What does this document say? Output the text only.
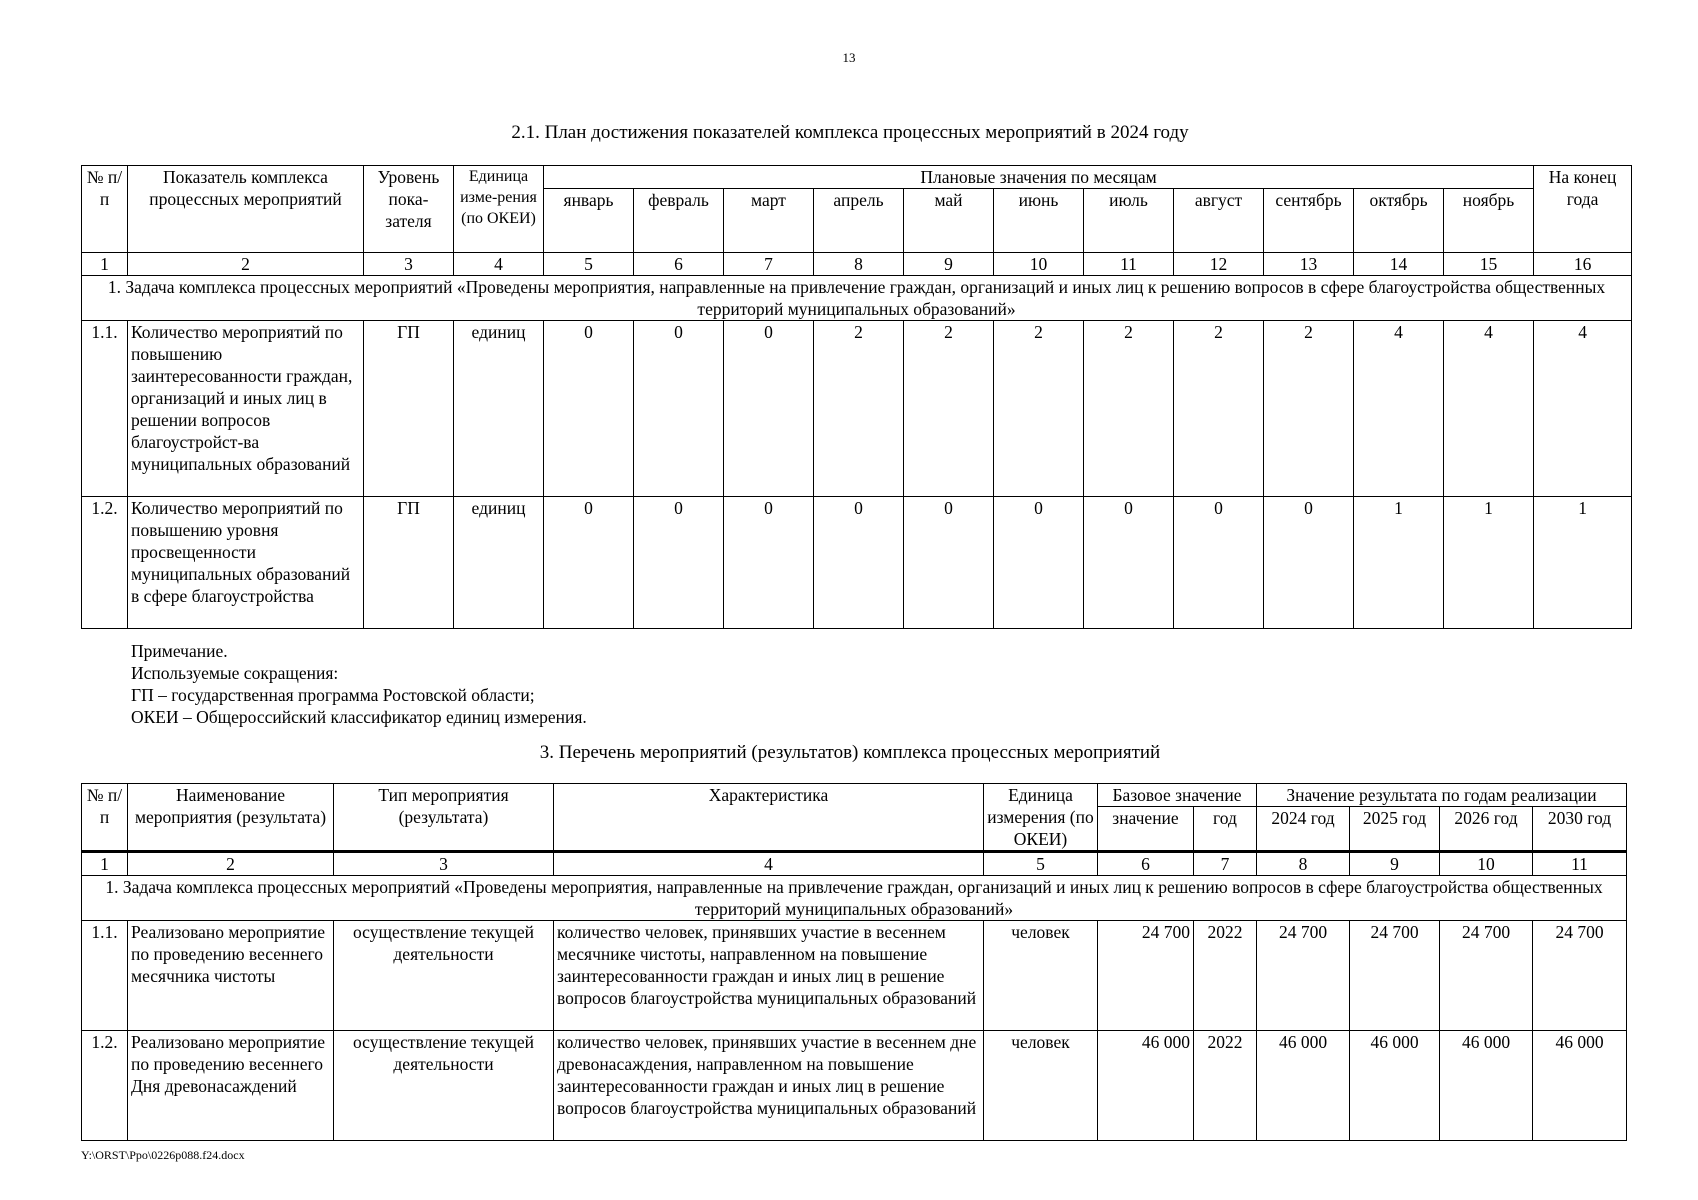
13
2.1. План достижения показателей комплекса процессных мероприятий в 2024 году
№ п/п	Показатель комплекса процессных мероприятий	Уровень пока-зателя	Единица изме-рения (по ОКЕИ)	Плановые значения по месяцам											На конец года
				январь	февраль	март	апрель	май	июнь	июль	август	сентябрь	октябрь	ноябрь	
1	2	3	4	5	6	7	8	9	10	11	12	13	14	15	16
1. Задача комплекса процессных мероприятий «Проведены мероприятия, направленные на привлечение граждан, организаций и иных лиц к решению вопросов в сфере благоустройства общественных территорий муниципальных образований»															
1.1.	Количество мероприятий по повышению заинтересованности граждан, организаций и иных лиц в решении вопросов благоустройст-ва муниципальных образований	ГП	единиц	0	0	0	2	2	2	2	2	2	4	4	4
1.2.	Количество мероприятий по повышению уровня просвещенности муниципальных образований в сфере благоустройства	ГП	единиц	0	0	0	0	0	0	0	0	0	1	1	1
Примечание.
Используемые сокращения:
ГП – государственная программа Ростовской области;
ОКЕИ – Общероссийский классификатор единиц измерения.
3. Перечень мероприятий (результатов) комплекса процессных мероприятий
№ п/п	Наименование мероприятия (результата)	Тип мероприятия (результата)	Характеристика	Единица измерения (по ОКЕИ)	Базовое значение		Значение результата по годам реализации			

					значение	год	2024 год	2025 год	2026 год	2030 год
1	2	3	4	5	6	7	8	9	10	11
1. Задача комплекса процессных мероприятий «Проведены мероприятия, направленные на привлечение граждан, организаций и иных лиц к решению вопросов в сфере благоустройства общественных территорий муниципальных образований»										
1.1.	Реализовано мероприятие по проведению весеннего месячника чистоты	осуществление текущей деятельности	количество человек, принявших участие в весеннем месячнике чистоты, направленном на повышение заинтересованности граждан и иных лиц в решение вопросов благоустройства муниципальных образований	человек	24 700	2022	24 700	24 700	24 700	24 700
1.2.	Реализовано мероприятие по проведению весеннего Дня древонасаждений	осуществление текущей деятельности	количество человек, принявших участие в весеннем дне древонасаждения, направленном на повышение заинтересованности граждан и иных лиц в решение вопросов благоустройства муниципальных образований	человек	46 000	2022	46 000	46 000	46 000	46 000
Y:\ORST\Ppo\0226p088.f24.docx
